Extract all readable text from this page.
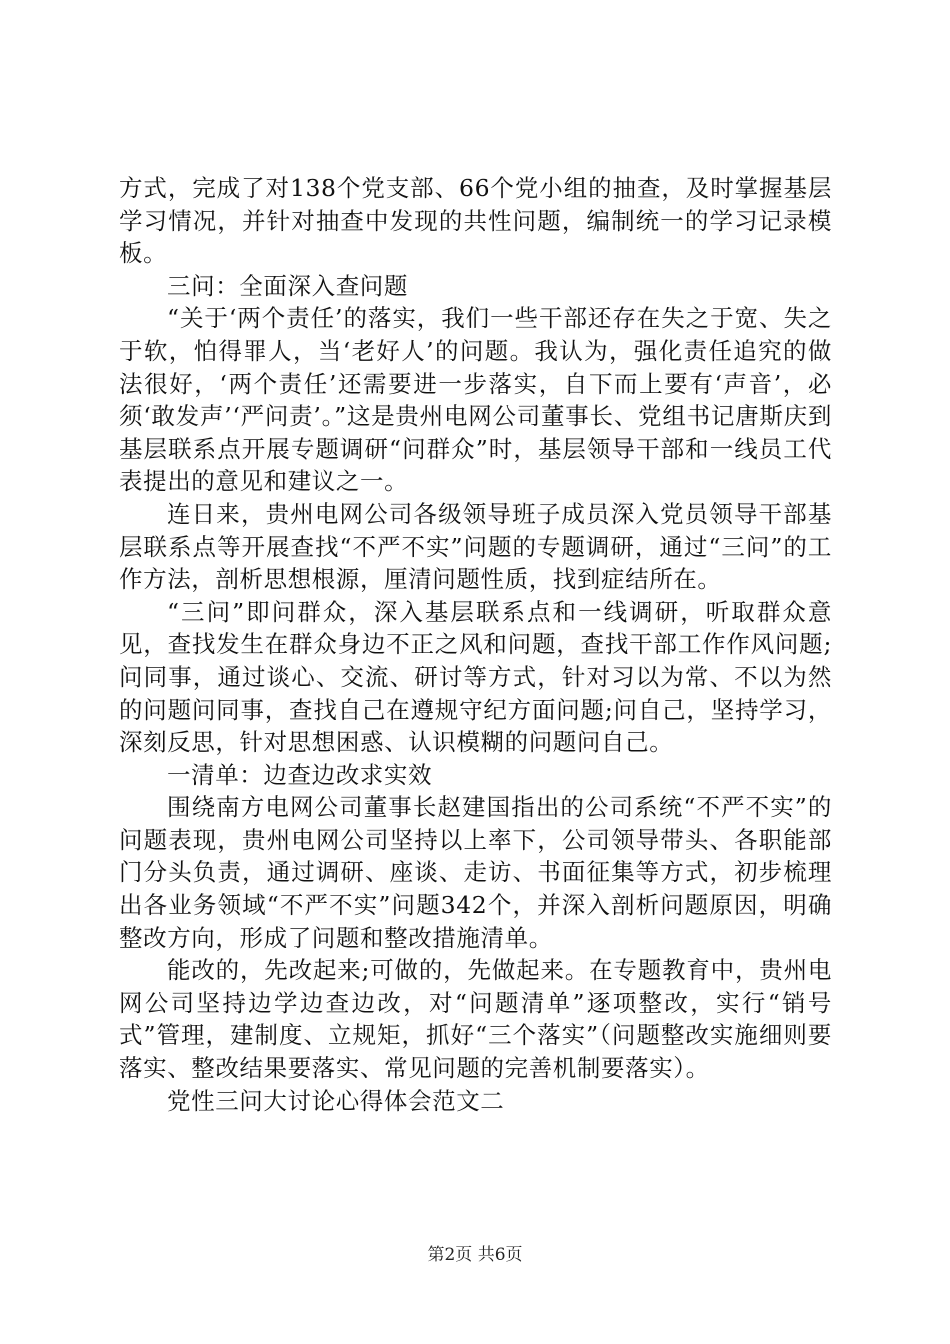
方式，完成了对138个党支部、66个党小组的抽查，及时掌握基层学习情况，并针对抽查中发现的共性问题，编制统一的学习记录模板。

三问：全面深入查问题

“关于‘两个责任’的落实，我们一些干部还存在失之于宽、失之于软，怕得罪人，当‘老好人’的问题。我认为，强化责任追究的做法很好，‘两个责任’还需要进一步落实，自下而上要有‘声音’，必须‘敢发声’‘严问责’。”这是贵州电网公司董事长、党组书记唐斯庆到基层联系点开展专题调研“问群众”时，基层领导干部和一线员工代表提出的意见和建议之一。

连日来，贵州电网公司各级领导班子成员深入党员领导干部基层联系点等开展查找“不严不实”问题的专题调研，通过“三问”的工作方法，剖析思想根源，厘清问题性质，找到症结所在。

“三问”即问群众，深入基层联系点和一线调研，听取群众意见，查找发生在群众身边不正之风和问题，查找干部工作作风问题;问同事，通过谈心、交流、研讨等方式，针对习以为常、不以为然的问题问同事，查找自己在遵规守纪方面问题;问自己，坚持学习，深刻反思，针对思想困惑、认识模糊的问题问自己。

一清单：边查边改求实效

围绕南方电网公司董事长赵建国指出的公司系统“不严不实”的问题表现，贵州电网公司坚持以上率下，公司领导带头、各职能部门分头负责，通过调研、座谈、走访、书面征集等方式，初步梳理出各业务领域“不严不实”问题342个，并深入剖析问题原因，明确整改方向，形成了问题和整改措施清单。

能改的，先改起来;可做的，先做起来。在专题教育中，贵州电网公司坚持边学边查边改，对“问题清单”逐项整改，实行“销号式”管理，建制度、立规矩，抓好“三个落实”（问题整改实施细则要落实、整改结果要落实、常见问题的完善机制要落实）。

党性三问大讨论心得体会范文二

第2页 共6页
